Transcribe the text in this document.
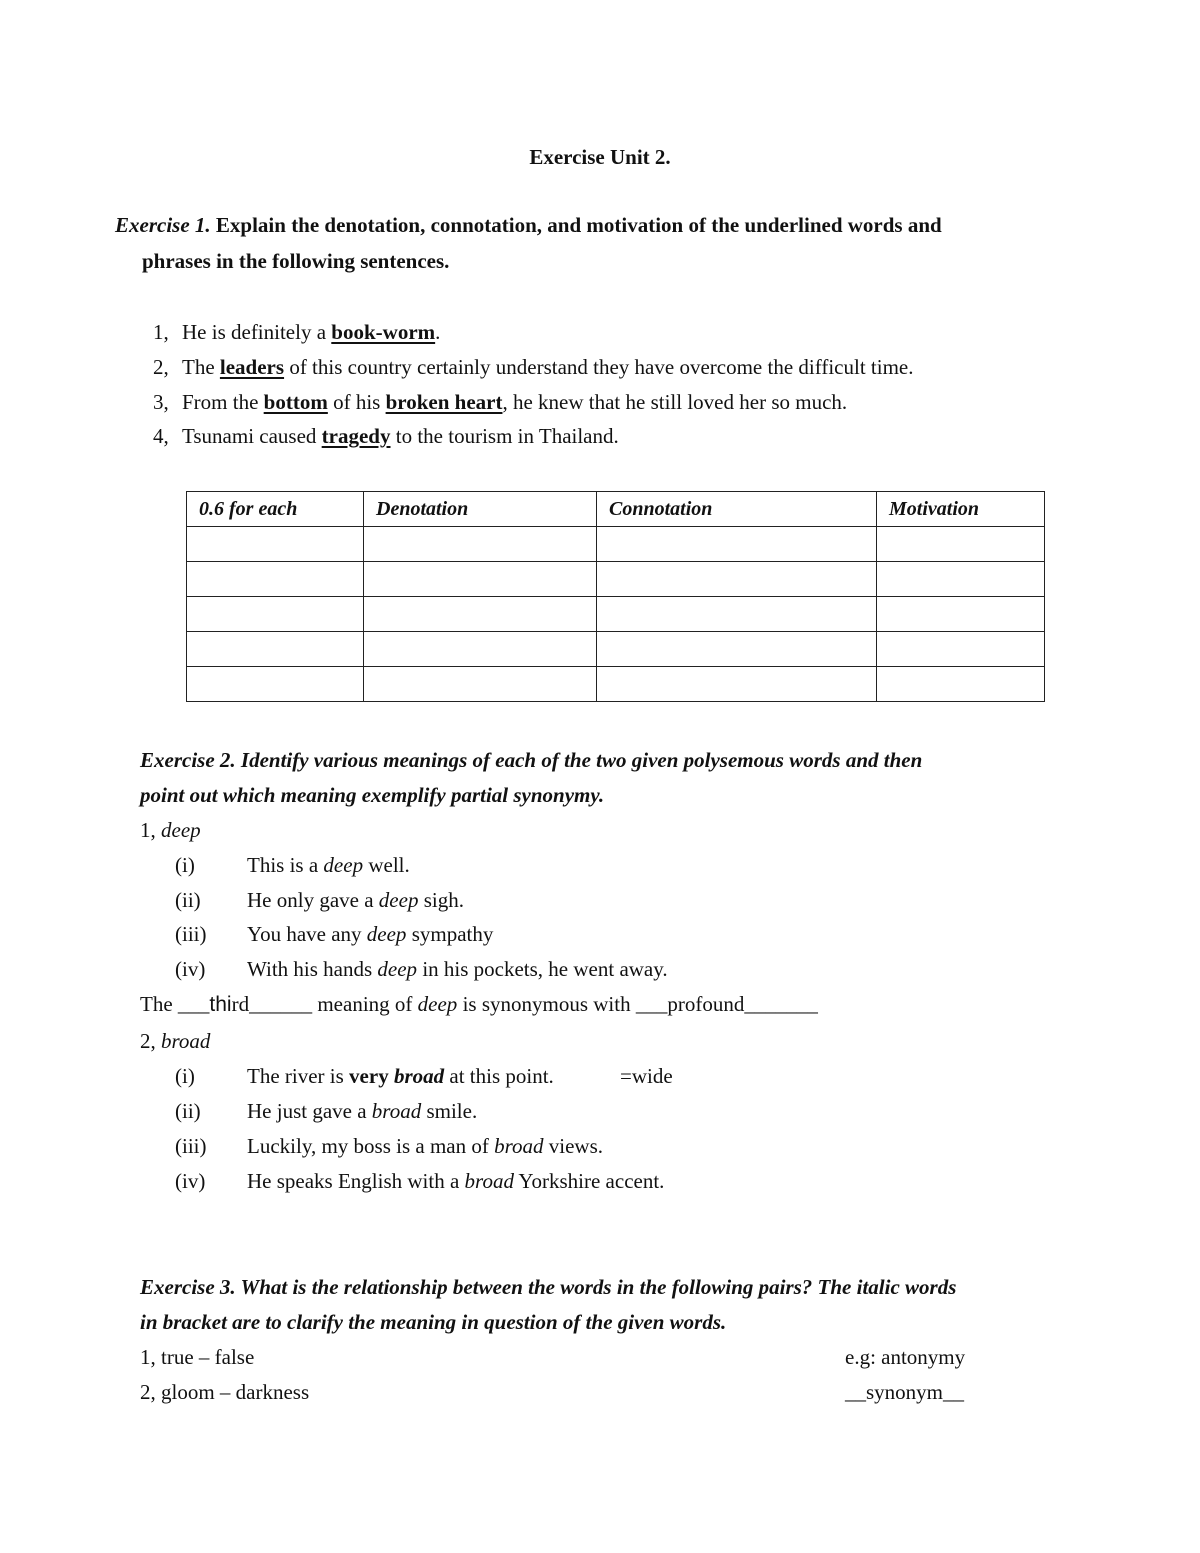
Exercise Unit 2.
Exercise 1. Explain the denotation, connotation, and motivation of the underlined words and
phrases in the following sentences.
1, He is definitely a book-worm.
2, The leaders of this country certainly understand they have overcome the difficult time.
3, From the bottom of his broken heart, he knew that he still loved her so much.
4, Tsunami caused tragedy to the tourism in Thailand.
0.6 for each	Denotation	Connotation	Motivation

Exercise 2. Identify various meanings of each of the two given polysemous words and then
point out which meaning exemplify partial synonymy.
1, deep
(i) This is a deep well.
(ii) He only gave a deep sigh.
(iii) You have any deep sympathy
(iv) With his hands deep in his pockets, he went away.
The ___third______ meaning of deep is synonymous with ___profound_______
2, broad
(i) The river is very broad at this point.	=wide
(ii) He just gave a broad smile.
(iii) Luckily, my boss is a man of broad views.
(iv) He speaks English with a broad Yorkshire accent.
Exercise 3. What is the relationship between the words in the following pairs? The italic words
in bracket are to clarify the meaning in question of the given words.
1, true – false	e.g: antonymy
2, gloom – darkness	__synonym__
